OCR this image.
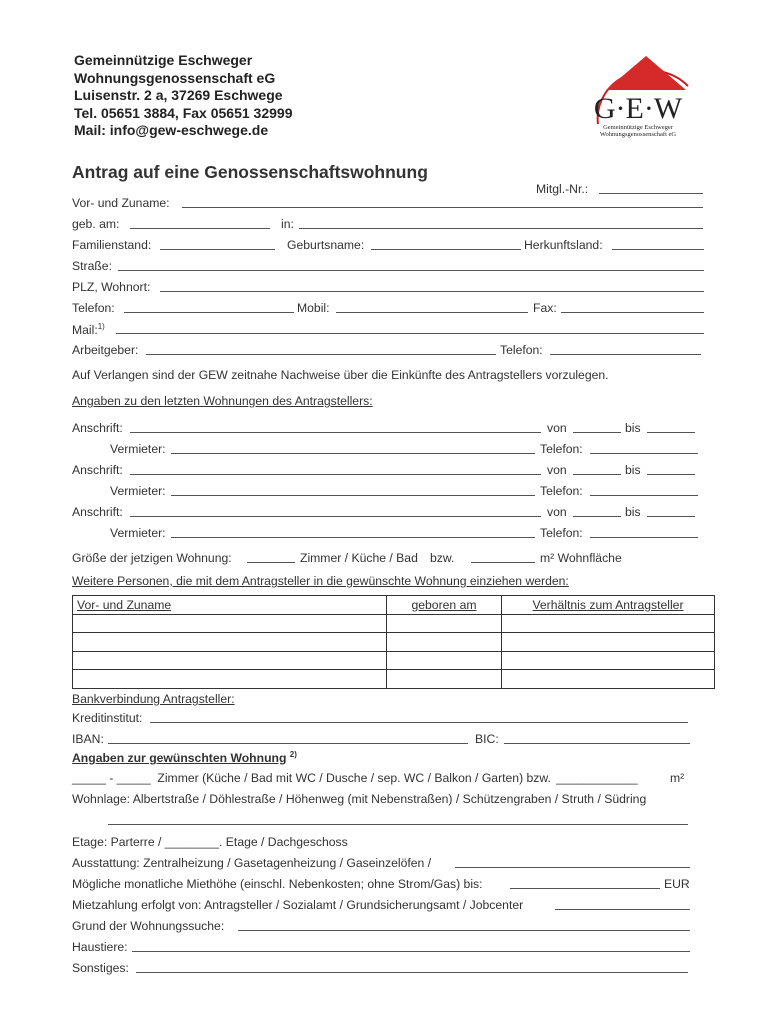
Gemeinnützige Eschweger
Wohnungsgenossenschaft eG
Luisenstr. 2 a, 37269 Eschwege
Tel. 05651 3884, Fax 05651 32999
Mail: info@gew-eschwege.de
G·E·W
Gemeinnützige Eschweger
Wohnungsgenossenschaft eG
Antrag auf eine Genossenschaftswohnung
Mitgl.-Nr.:
Vor- und Zuname:
geb. am:	in:
Familienstand:	Geburtsname:	Herkunftsland:
Straße:
PLZ, Wohnort:
Telefon:	Mobil:	Fax:
Mail:$^{1)}$
Arbeitgeber:	Telefon:
Auf Verlangen sind der GEW zeitnahe Nachweise über die Einkünfte des Antragstellers vorzulegen.
Angaben zu den letzten Wohnungen des Antragstellers:
Anschrift:	von	bis
Vermieter:	Telefon:
Anschrift:	von	bis
Vermieter:	Telefon:
Anschrift:	von	bis
Vermieter:	Telefon:
Größe der jetzigen Wohnung:	Zimmer / Küche / Bad bzw.	m² Wohnfläche
Weitere Personen, die mit dem Antragsteller in die gewünschte Wohnung einziehen werden:
Vor- und Zuname	geboren am	Verhältnis zum Antragsteller

Bankverbindung Antragsteller:
Kreditinstitut:
IBAN:	BIC:
Angaben zur gewünschten Wohnung $^{2)}$
_____ - _____ Zimmer (Küche / Bad mit WC / Dusche / sep. WC / Balkon / Garten) bzw. ____________	m²
Wohnlage: Albertstraße / Döhlestraße / Höhenweg (mit Nebenstraßen) / Schützengraben / Struth / Südring
Etage: Parterre / ________. Etage / Dachgeschoss
Ausstattung: Zentralheizung / Gasetagenheizung / Gaseinzelöfen /
Mögliche monatliche Miethöhe (einschl. Nebenkosten; ohne Strom/Gas) bis:	EUR
Mietzahlung erfolgt von: Antragsteller / Sozialamt / Grundsicherungsamt / Jobcenter
Grund der Wohnungssuche:
Haustiere:
Sonstiges:
